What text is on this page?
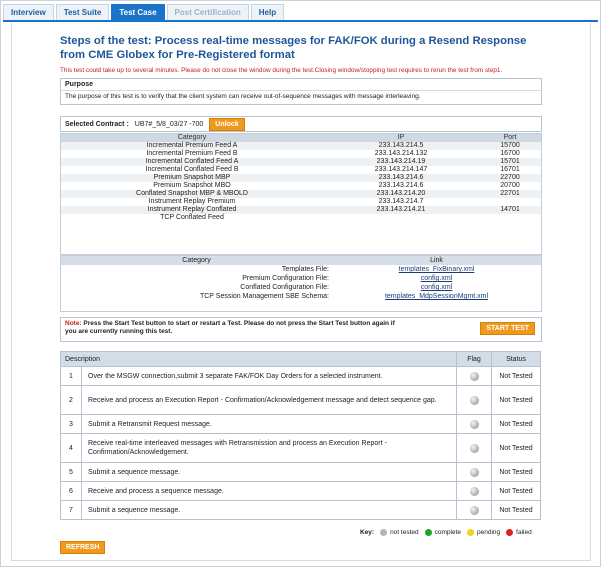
Interview	Test Suite	Test Case	Post Certification	Help
Steps of the test: Process real-time messages for FAK/FOK during a Resend Response from CME Globex for Pre-Registered format
This test could take up to several minutes. Please do not close the window during the test.Closing window/stopping test requires to rerun the test from step1.
Purpose
The purpose of this test is to verify that the client system can receive out-of-sequence messages with message interleaving.
Selected Contract : UB7#_5/8_03/27 -700	Unlock
Category	IP	Port
Incremental Premium Feed A	233.143.214.5	15700
Incremental Premium Feed B	233.143.214.132	16700
Incremental Conflated Feed A	233.143.214.19	15701
Incremental Conflated Feed B	233.143.214.147	16701
Premium Snapshot MBP	233.143.214.6	22700
Premium Snapshot MBO	233.143.214.6	20700
Conflated Snapshot MBP & MBOLD	233.143.214.20	22701
Instrument Replay Premium	233.143.214.7	
Instrument Replay Conflated	233.143.214.21	14701
TCP Conflated Feed		
Category	Link
Templates File:	templates_FixBinary.xml
Premium Configuration File:	config.xml
Conflated Configuration File:	config.xml
TCP Session Management SBE Schema:	templates_MdpSessionMgmt.xml
Note: Press the Start Test button to start or restart a Test. Please do not press the Start Test button again if you are currently running this test.	START TEST
Description		Flag	Status
1	Over the MSGW connection,submit 3 separate FAK/FOK Day Orders for a selected instrument.		Not Tested
2	Receive and process an Execution Report - Confirmation/Acknowledgement message and detect sequence gap.		Not Tested
3	Submit a Retransmit Request message.		Not Tested
4	Receive real-time interleaved messages with Retransmission and process an Execution Report - Confirmation/Acknowledgement.		Not Tested
5	Submit a sequence message.		Not Tested
6	Receive and process a sequence message.		Not Tested
7	Submit a sequence message.		Not Tested
Key: not tested complete pending failed
REFRESH
